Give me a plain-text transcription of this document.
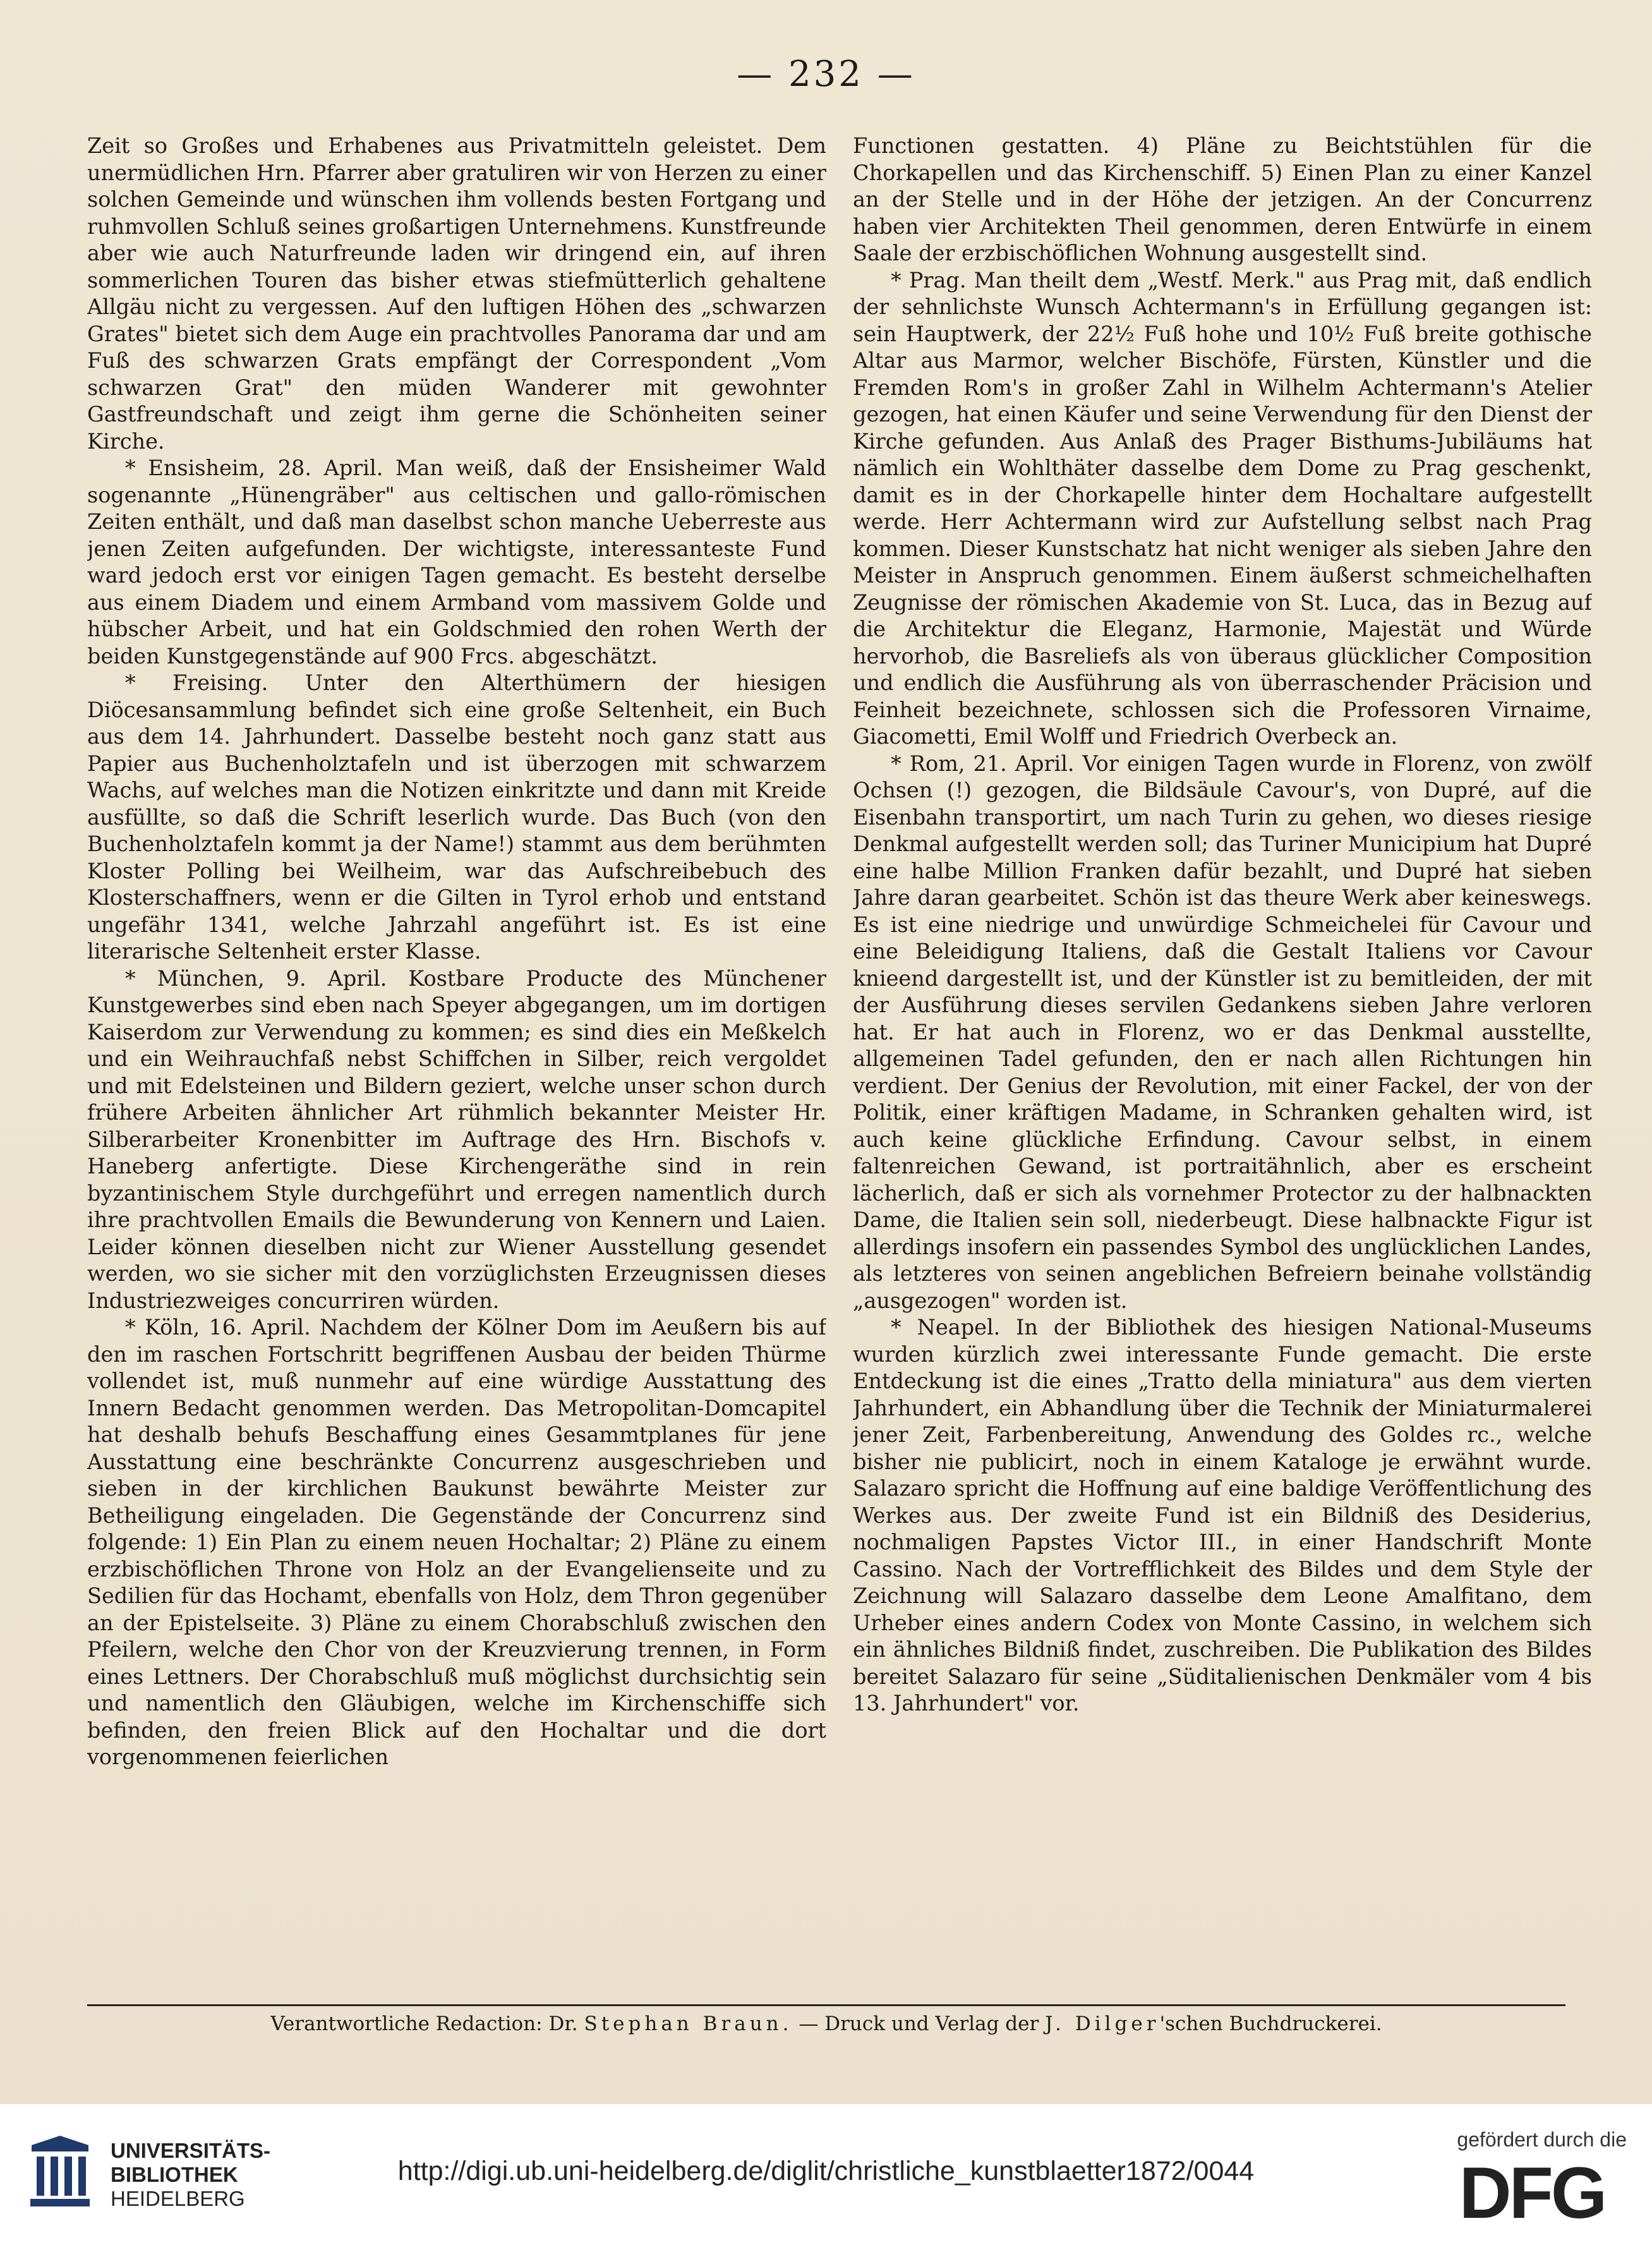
— 232 —

Zeit so Großes und Erhabenes aus Privatmitteln geleistet. Dem unermüdlichen Hrn. Pfarrer aber gratuliren wir von Herzen zu einer solchen Gemeinde und wünschen ihm vollends besten Fortgang und ruhmvollen Schluß seines großartigen Unternehmens. Kunstfreunde aber wie auch Naturfreunde laden wir dringend ein, auf ihren sommerlichen Touren das bisher etwas stiefmütterlich gehaltene Allgäu nicht zu vergessen. Auf den luftigen Höhen des „schwarzen Grates" bietet sich dem Auge ein prachtvolles Panorama dar und am Fuß des schwarzen Grats empfängt der Correspondent „Vom schwarzen Grat" den müden Wanderer mit gewohnter Gastfreundschaft und zeigt ihm gerne die Schönheiten seiner Kirche.

* Ensisheim, 28. April. Man weiß, daß der Ensisheimer Wald sogenannte „Hünengräber" aus celtischen und gallo-römischen Zeiten enthält, und daß man daselbst schon manche Ueberreste aus jenen Zeiten aufgefunden. Der wichtigste, interessanteste Fund ward jedoch erst vor einigen Tagen gemacht. Es besteht derselbe aus einem Diadem und einem Armband vom massivem Golde und hübscher Arbeit, und hat ein Goldschmied den rohen Werth der beiden Kunstgegenstände auf 900 Frcs. abgeschätzt.

* Freising. Unter den Alterthümern der hiesigen Diöcesansammlung befindet sich eine große Seltenheit, ein Buch aus dem 14. Jahrhundert. Dasselbe besteht noch ganz statt aus Papier aus Buchenholztafeln und ist überzogen mit schwarzem Wachs, auf welches man die Notizen einkritzte und dann mit Kreide ausfüllte, so daß die Schrift leserlich wurde. Das Buch (von den Buchenholztafeln kommt ja der Name!) stammt aus dem berühmten Kloster Polling bei Weilheim, war das Aufschreibebuch des Klosterschaffners, wenn er die Gilten in Tyrol erhob und entstand ungefähr 1341, welche Jahrzahl angeführt ist. Es ist eine literarische Seltenheit erster Klasse.

* München, 9. April. Kostbare Producte des Münchener Kunstgewerbes sind eben nach Speyer abgegangen, um im dortigen Kaiserdom zur Verwendung zu kommen; es sind dies ein Meßkelch und ein Weihrauchfaß nebst Schiffchen in Silber, reich vergoldet und mit Edelsteinen und Bildern geziert, welche unser schon durch frühere Arbeiten ähnlicher Art rühmlich bekannter Meister Hr. Silberarbeiter Kronenbitter im Auftrage des Hrn. Bischofs v. Haneberg anfertigte. Diese Kirchengeräthe sind in rein byzantinischem Style durchgeführt und erregen namentlich durch ihre prachtvollen Emails die Bewunderung von Kennern und Laien. Leider können dieselben nicht zur Wiener Ausstellung gesendet werden, wo sie sicher mit den vorzüglichsten Erzeugnissen dieses Industriezweiges concurriren würden.

* Köln, 16. April. Nachdem der Kölner Dom im Aeußern bis auf den im raschen Fortschritt begriffenen Ausbau der beiden Thürme vollendet ist, muß nunmehr auf eine würdige Ausstattung des Innern Bedacht genommen werden. Das Metropolitan-Domcapitel hat deshalb behufs Beschaffung eines Gesammtplanes für jene Ausstattung eine beschränkte Concurrenz ausgeschrieben und sieben in der kirchlichen Baukunst bewährte Meister zur Betheiligung eingeladen. Die Gegenstände der Concurrenz sind folgende: 1) Ein Plan zu einem neuen Hochaltar; 2) Pläne zu einem erzbischöflichen Throne von Holz an der Evangelienseite und zu Sedilien für das Hochamt, ebenfalls von Holz, dem Thron gegenüber an der Epistelseite. 3) Pläne zu einem Chorabschluß zwischen den Pfeilern, welche den Chor von der Kreuzvierung trennen, in Form eines Lettners. Der Chorabschluß muß möglichst durchsichtig sein und namentlich den Gläubigen, welche im Kirchenschiffe sich befinden, den freien Blick auf den Hochaltar und die dort vorgenommenen feierlichen

Functionen gestatten. 4) Pläne zu Beichtstühlen für die Chorkapellen und das Kirchenschiff. 5) Einen Plan zu einer Kanzel an der Stelle und in der Höhe der jetzigen. An der Concurrenz haben vier Architekten Theil genommen, deren Entwürfe in einem Saale der erzbischöflichen Wohnung ausgestellt sind.

* Prag. Man theilt dem „Westf. Merk." aus Prag mit, daß endlich der sehnlichste Wunsch Achtermann's in Erfüllung gegangen ist: sein Hauptwerk, der 22½ Fuß hohe und 10½ Fuß breite gothische Altar aus Marmor, welcher Bischöfe, Fürsten, Künstler und die Fremden Rom's in großer Zahl in Wilhelm Achtermann's Atelier gezogen, hat einen Käufer und seine Verwendung für den Dienst der Kirche gefunden. Aus Anlaß des Prager Bisthums-Jubiläums hat nämlich ein Wohlthäter dasselbe dem Dome zu Prag geschenkt, damit es in der Chorkapelle hinter dem Hochaltare aufgestellt werde. Herr Achtermann wird zur Aufstellung selbst nach Prag kommen. Dieser Kunstschatz hat nicht weniger als sieben Jahre den Meister in Anspruch genommen. Einem äußerst schmeichelhaften Zeugnisse der römischen Akademie von St. Luca, das in Bezug auf die Architektur die Eleganz, Harmonie, Majestät und Würde hervorhob, die Basreliefs als von überaus glücklicher Composition und endlich die Ausführung als von überraschender Präcision und Feinheit bezeichnete, schlossen sich die Professoren Virnaime, Giacometti, Emil Wolff und Friedrich Overbeck an.

* Rom, 21. April. Vor einigen Tagen wurde in Florenz, von zwölf Ochsen (!) gezogen, die Bildsäule Cavour's, von Dupré, auf die Eisenbahn transportirt, um nach Turin zu gehen, wo dieses riesige Denkmal aufgestellt werden soll; das Turiner Municipium hat Dupré eine halbe Million Franken dafür bezahlt, und Dupré hat sieben Jahre daran gearbeitet. Schön ist das theure Werk aber keineswegs. Es ist eine niedrige und unwürdige Schmeichelei für Cavour und eine Beleidigung Italiens, daß die Gestalt Italiens vor Cavour knieend dargestellt ist, und der Künstler ist zu bemitleiden, der mit der Ausführung dieses servilen Gedankens sieben Jahre verloren hat. Er hat auch in Florenz, wo er das Denkmal ausstellte, allgemeinen Tadel gefunden, den er nach allen Richtungen hin verdient. Der Genius der Revolution, mit einer Fackel, der von der Politik, einer kräftigen Madame, in Schranken gehalten wird, ist auch keine glückliche Erfindung. Cavour selbst, in einem faltenreichen Gewand, ist portraitähnlich, aber es erscheint lächerlich, daß er sich als vornehmer Protector zu der halbnackten Dame, die Italien sein soll, niederbeugt. Diese halbnackte Figur ist allerdings insofern ein passendes Symbol des unglücklichen Landes, als letzteres von seinen angeblichen Befreiern beinahe vollständig „ausgezogen" worden ist.

* Neapel. In der Bibliothek des hiesigen National-Museums wurden kürzlich zwei interessante Funde gemacht. Die erste Entdeckung ist die eines „Tratto della miniatura" aus dem vierten Jahrhundert, ein Abhandlung über die Technik der Miniaturmalerei jener Zeit, Farbenbereitung, Anwendung des Goldes rc., welche bisher nie publicirt, noch in einem Kataloge je erwähnt wurde. Salazaro spricht die Hoffnung auf eine baldige Veröffentlichung des Werkes aus. Der zweite Fund ist ein Bildniß des Desiderius, nochmaligen Papstes Victor III., in einer Handschrift Monte Cassino. Nach der Vortrefflichkeit des Bildes und dem Style der Zeichnung will Salazaro dasselbe dem Leone Amalfitano, dem Urheber eines andern Codex von Monte Cassino, in welchem sich ein ähnliches Bildniß findet, zuschreiben. Die Publikation des Bildes bereitet Salazaro für seine „Süditalienischen Denkmäler vom 4 bis 13. Jahrhundert" vor.

Verantwortliche Redaction: Dr. Stephan Braun. — Druck und Verlag der J. Dilger'schen Buchdruckerei.
UNIVERSITÄTS-
BIBLIOTHEK
HEIDELBERG
http://digi.ub.uni-heidelberg.de/diglit/christliche_kunstblaetter1872/0044
gefördert durch die
DFG
